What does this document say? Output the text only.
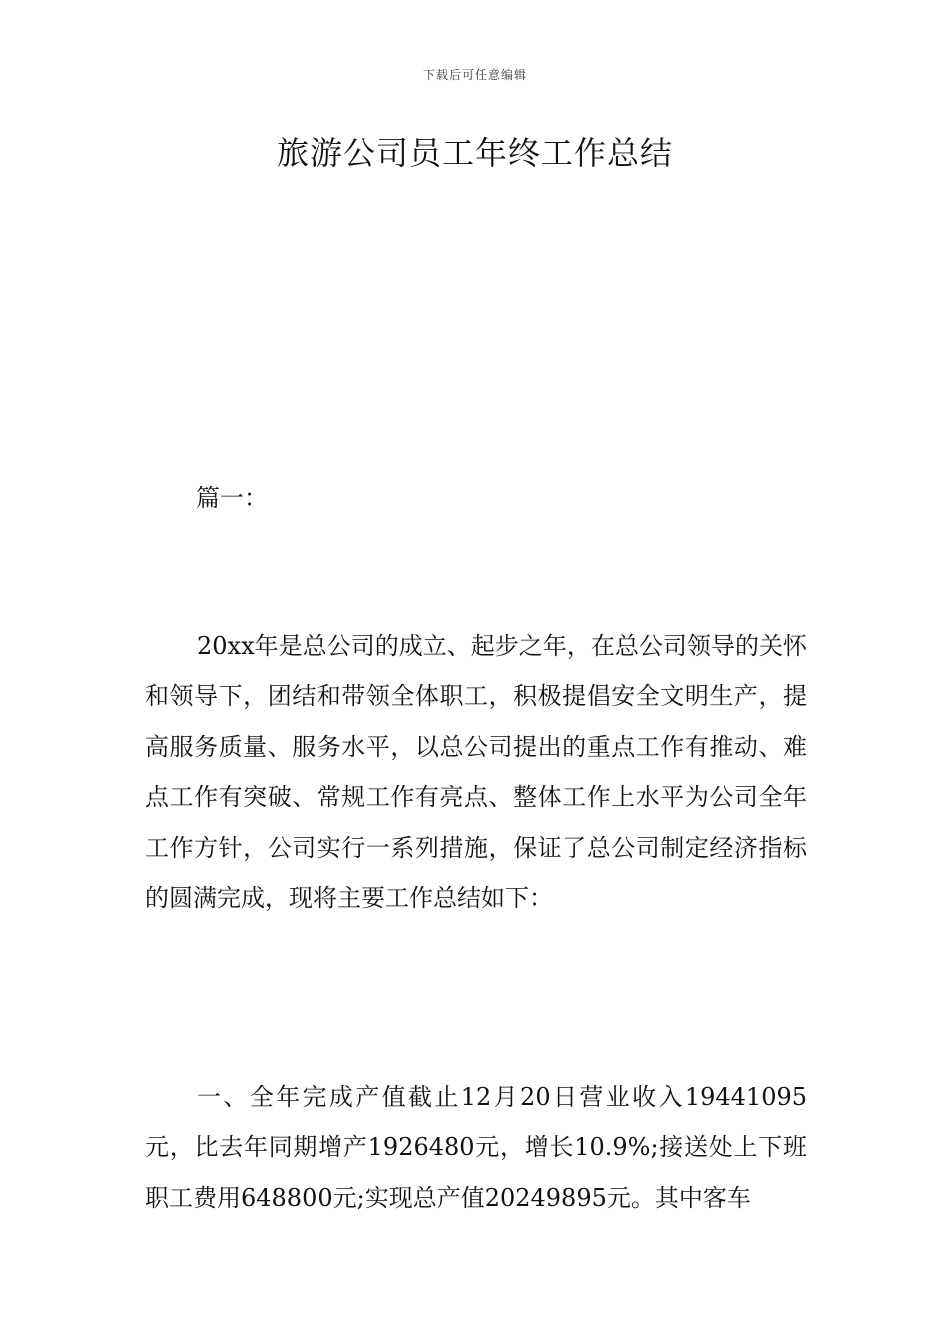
下载后可任意编辑
旅游公司员工年终工作总结

篇一：

20xx年是总公司的成立、起步之年，在总公司领导的关怀和领导下，团结和带领全体职工，积极提倡安全文明生产，提高服务质量、服务水平，以总公司提出的重点工作有推动、难点工作有突破、常规工作有亮点、整体工作上水平为公司全年工作方针，公司实行一系列措施，保证了总公司制定经济指标的圆满完成，现将主要工作总结如下：

一、全年完成产值截止12月20日营业收入19441095元，比去年同期增产1926480元，增长10.9%;接送处上下班职工费用648800元;实现总产值20249895元。其中客车
